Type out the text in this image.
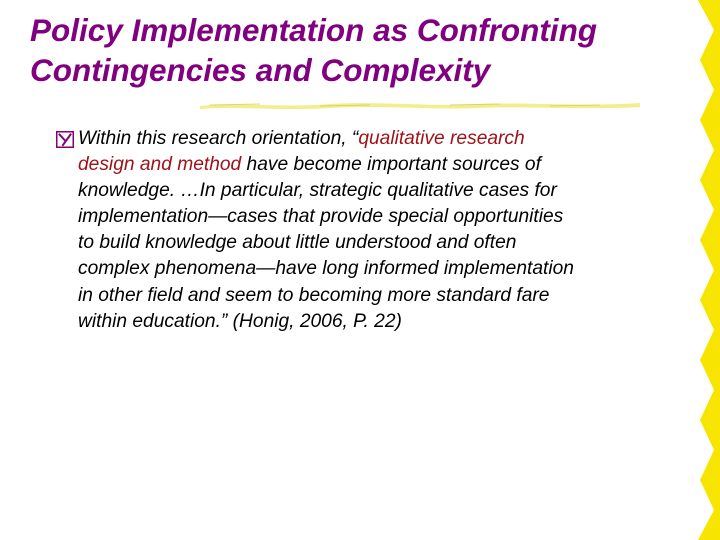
Policy Implementation as Confronting
Contingencies and Complexity
Within this research orientation, “qualitative research
design and method have become important sources of
knowledge. …In particular, strategic qualitative cases for
implementation—cases that provide special opportunities
to build knowledge about little understood and often
complex phenomena—have long informed implementation
in other field and seem to becoming more standard fare
within education.” (Honig, 2006, P. 22)
